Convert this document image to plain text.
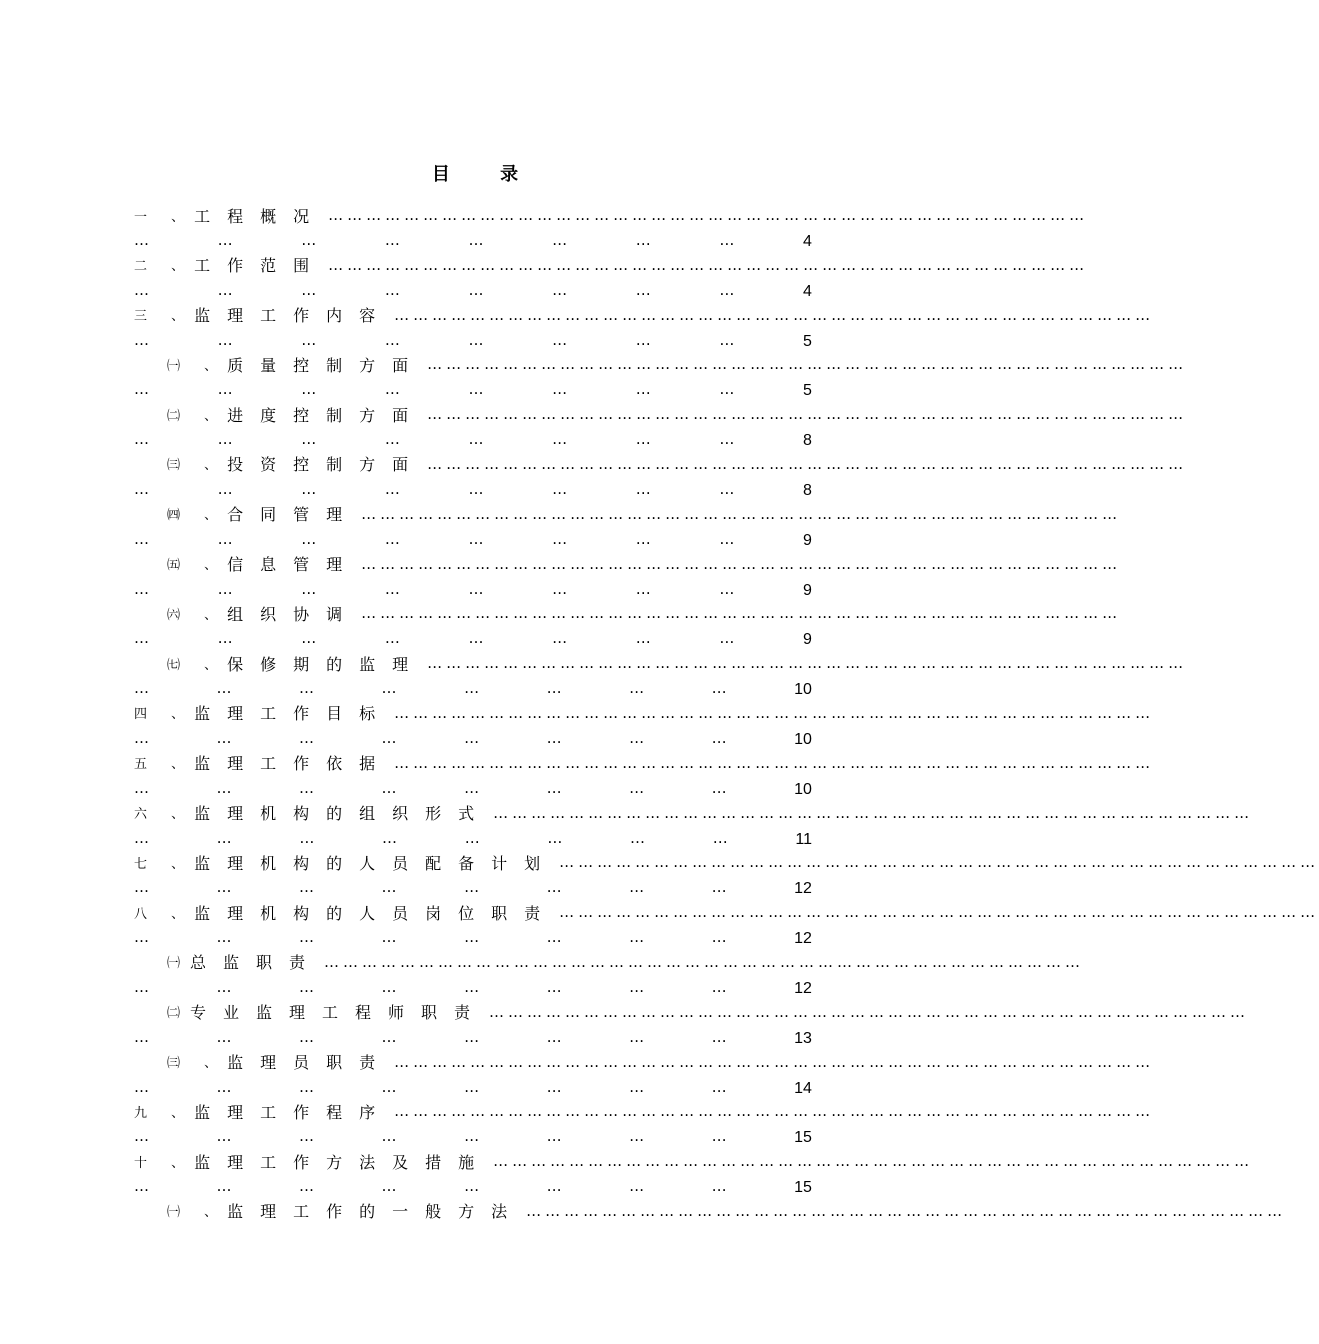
目 录
一 、 工程概况 …………………………………………………………………………………………………………
…	…	…	…	…	…	…	…	4
二 、 工作范围 …………………………………………………………………………………………………………
…	…	…	…	…	…	…	…	4
三 、 监理工作内容 …………………………………………………………………………………………………………
…	…	…	…	…	…	…	…	5
㈠ 、 质量控制方面 …………………………………………………………………………………………………………
…	…	…	…	…	…	…	…	5
㈡ 、 进度控制方面 …………………………………………………………………………………………………………
…	…	…	…	…	…	…	…	8
㈢ 、 投资控制方面 …………………………………………………………………………………………………………
…	…	…	…	…	…	…	…	8
㈣ 、 合同管理 …………………………………………………………………………………………………………
…	…	…	…	…	…	…	…	9
㈤ 、 信息管理 …………………………………………………………………………………………………………
…	…	…	…	…	…	…	…	9
㈥ 、 组织协调 …………………………………………………………………………………………………………
…	…	…	…	…	…	…	…	9
㈦ 、 保修期的监理 …………………………………………………………………………………………………………
…	…	…	…	…	…	…	…	10
四 、 监理工作目标 …………………………………………………………………………………………………………
…	…	…	…	…	…	…	…	10
五 、 监理工作依据 …………………………………………………………………………………………………………
…	…	…	…	…	…	…	…	10
六 、 监理机构的组织形式 …………………………………………………………………………………………………………
…	…	…	…	…	…	…	…	11
七 、 监理机构的人员配备计划 …………………………………………………………………………………………………………
…	…	…	…	…	…	…	…	12
八 、 监理机构的人员岗位职责 …………………………………………………………………………………………………………
…	…	…	…	…	…	…	…	12
㈠ 总监职责 …………………………………………………………………………………………………………
…	…	…	…	…	…	…	…	12
㈡ 专业监理工程师职责 …………………………………………………………………………………………………………
…	…	…	…	…	…	…	…	13
㈢ 、 监理员职责 …………………………………………………………………………………………………………
…	…	…	…	…	…	…	…	14
九 、 监理工作程序 …………………………………………………………………………………………………………
…	…	…	…	…	…	…	…	15
十 、 监理工作方法及措施 …………………………………………………………………………………………………………
…	…	…	…	…	…	…	…	15
㈠ 、 监理工作的一般方法 …………………………………………………………………………………………………………
